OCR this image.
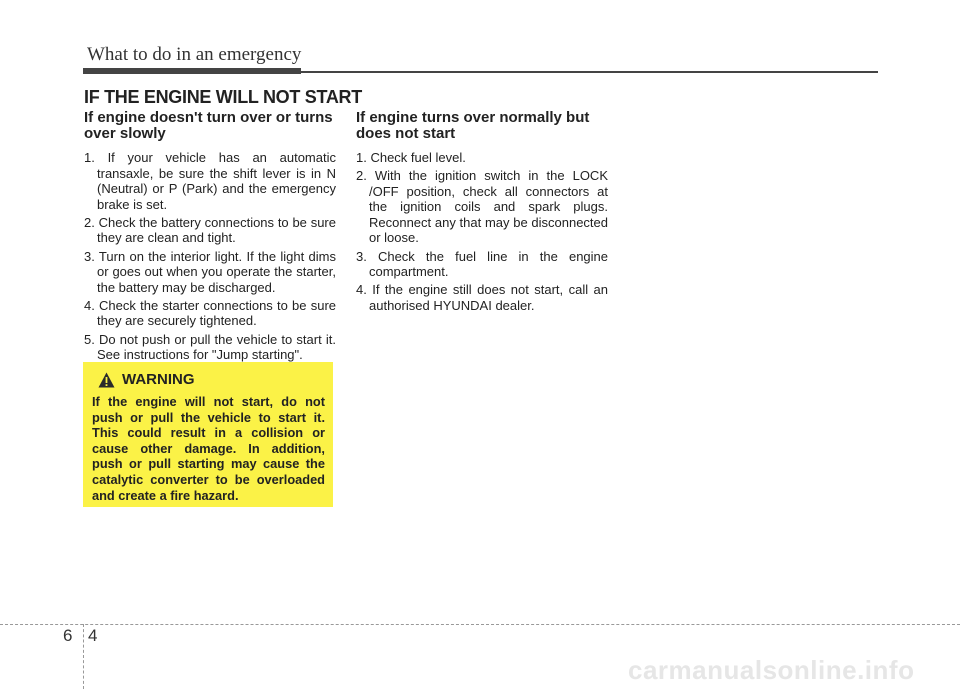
What to do in an emergency
IF THE ENGINE WILL NOT START
If engine doesn't turn over or turns over slowly
1. If your vehicle has an automatic transaxle, be sure the shift lever is in N (Neutral) or P (Park) and the emergency brake is set.
2. Check the battery connections to be sure they are clean and tight.
3. Turn on the interior light. If the light dims or goes out when you operate the starter, the battery may be discharged.
4. Check the starter connections to be sure they are securely tightened.
5. Do not push or pull the vehicle to start it. See instructions for "Jump starting".
If engine turns over normally but does not start
1. Check fuel level.
2. With the ignition switch in the LOCK /OFF position, check all connectors at the ignition coils and spark plugs. Reconnect any that may be disconnected or loose.
3. Check the fuel line in the engine compartment.
4. If the engine still does not start, call an authorised HYUNDAI dealer.
WARNING

If the engine will not start, do not push or pull the vehicle to start it. This could result in a collision or cause other damage. In addition, push or pull starting may cause the catalytic converter to be overloaded and create a fire hazard.

6 4
carmanualsonline.info
